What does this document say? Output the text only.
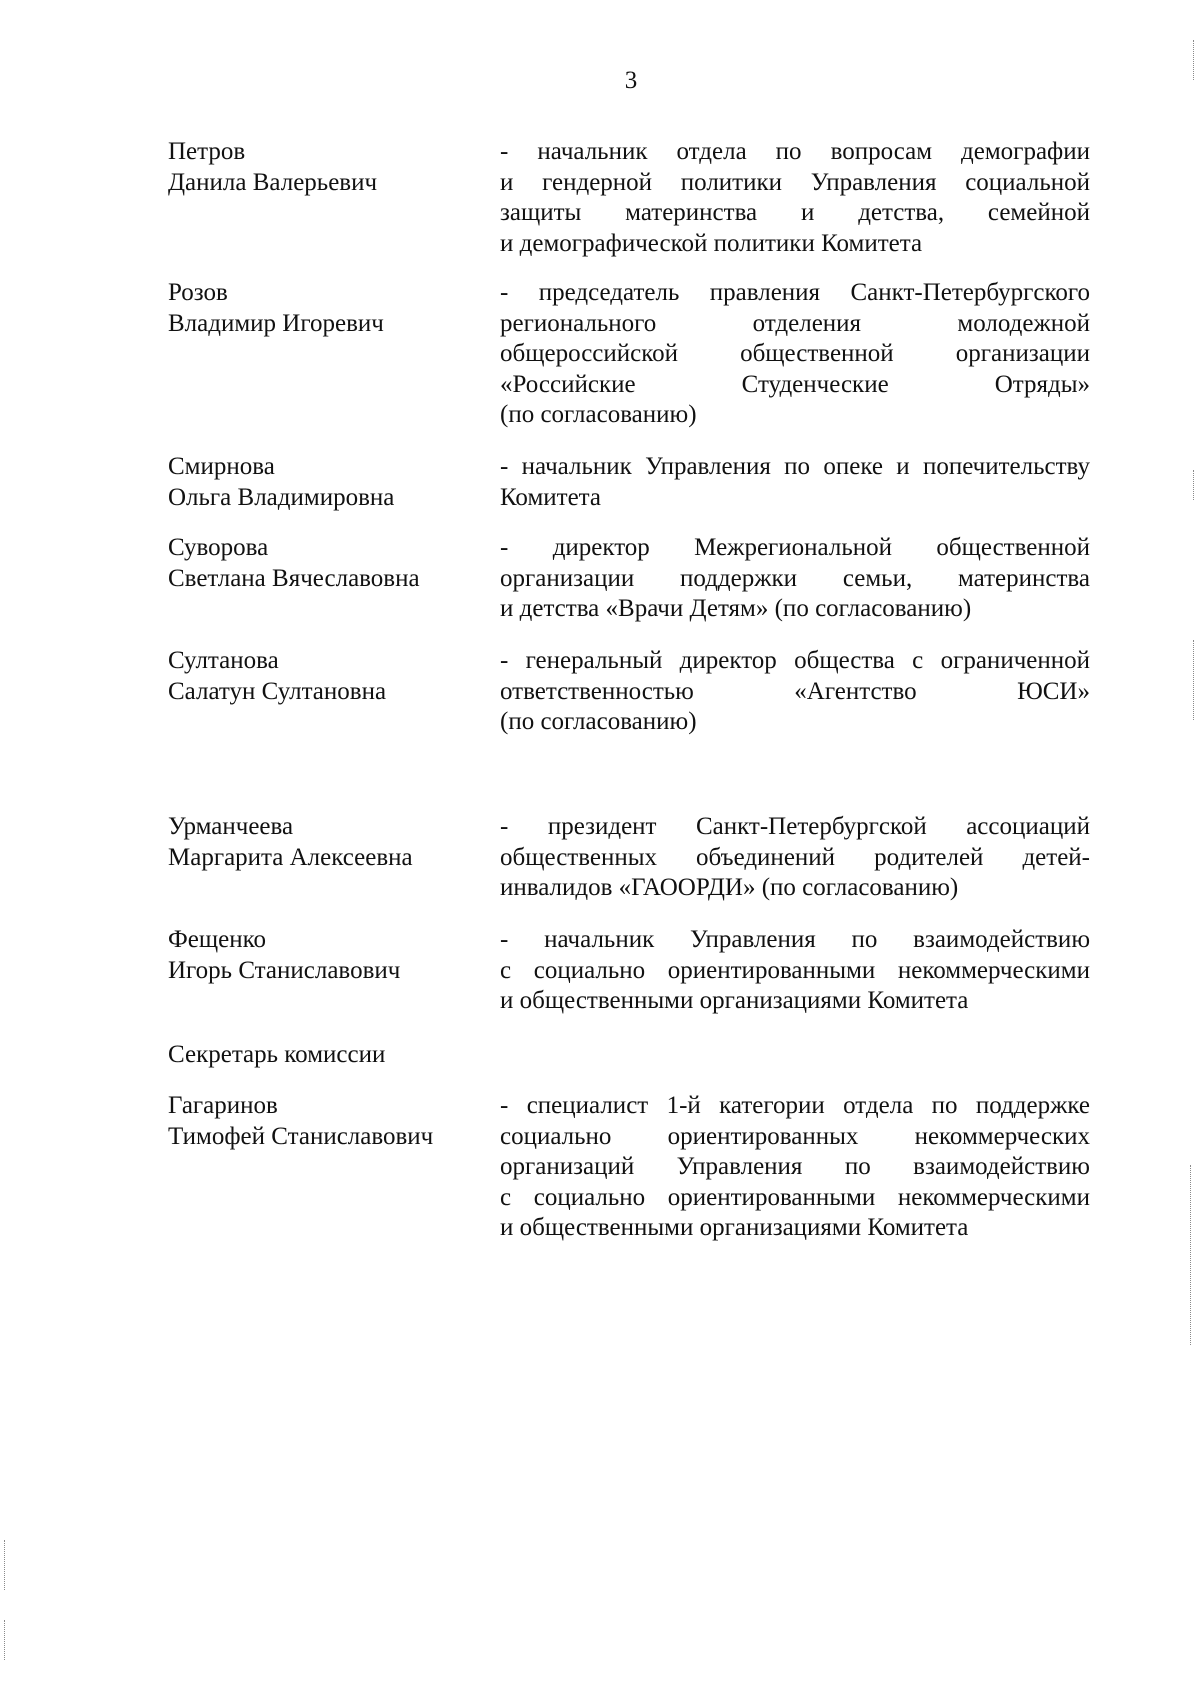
3
Петров
Данила Валерьевич
- начальник отдела по вопросам демографии
и гендерной политики Управления социальной
защиты материнства и детства, семейной
и демографической политики Комитета
Розов
Владимир Игоревич
- председатель правления Санкт-Петербургского
регионального отделения молодежной
общероссийской общественной организации
«Российские Студенческие Отряды»
(по согласованию)
Смирнова
Ольга Владимировна
- начальник Управления по опеке и попечительству
Комитета
Суворова
Светлана Вячеславовна
- директор Межрегиональной общественной
организации поддержки семьи, материнства
и детства «Врачи Детям» (по согласованию)
Султанова
Салатун Султановна
- генеральный директор общества с ограниченной
ответственностью «Агентство ЮСИ»
(по согласованию)
Урманчеева
Маргарита Алексеевна
- президент Санкт-Петербургской ассоциаций
общественных объединений родителей детей-
инвалидов «ГАООРДИ» (по согласованию)
Фещенко
Игорь Станиславович
- начальник Управления по взаимодействию
с социально ориентированными некоммерческими
и общественными организациями Комитета
Секретарь комиссии
Гагаринов
Тимофей Станиславович
- специалист 1-й категории отдела по поддержке
социально ориентированных некоммерческих
организаций Управления по взаимодействию
с социально ориентированными некоммерческими
и общественными организациями Комитета
